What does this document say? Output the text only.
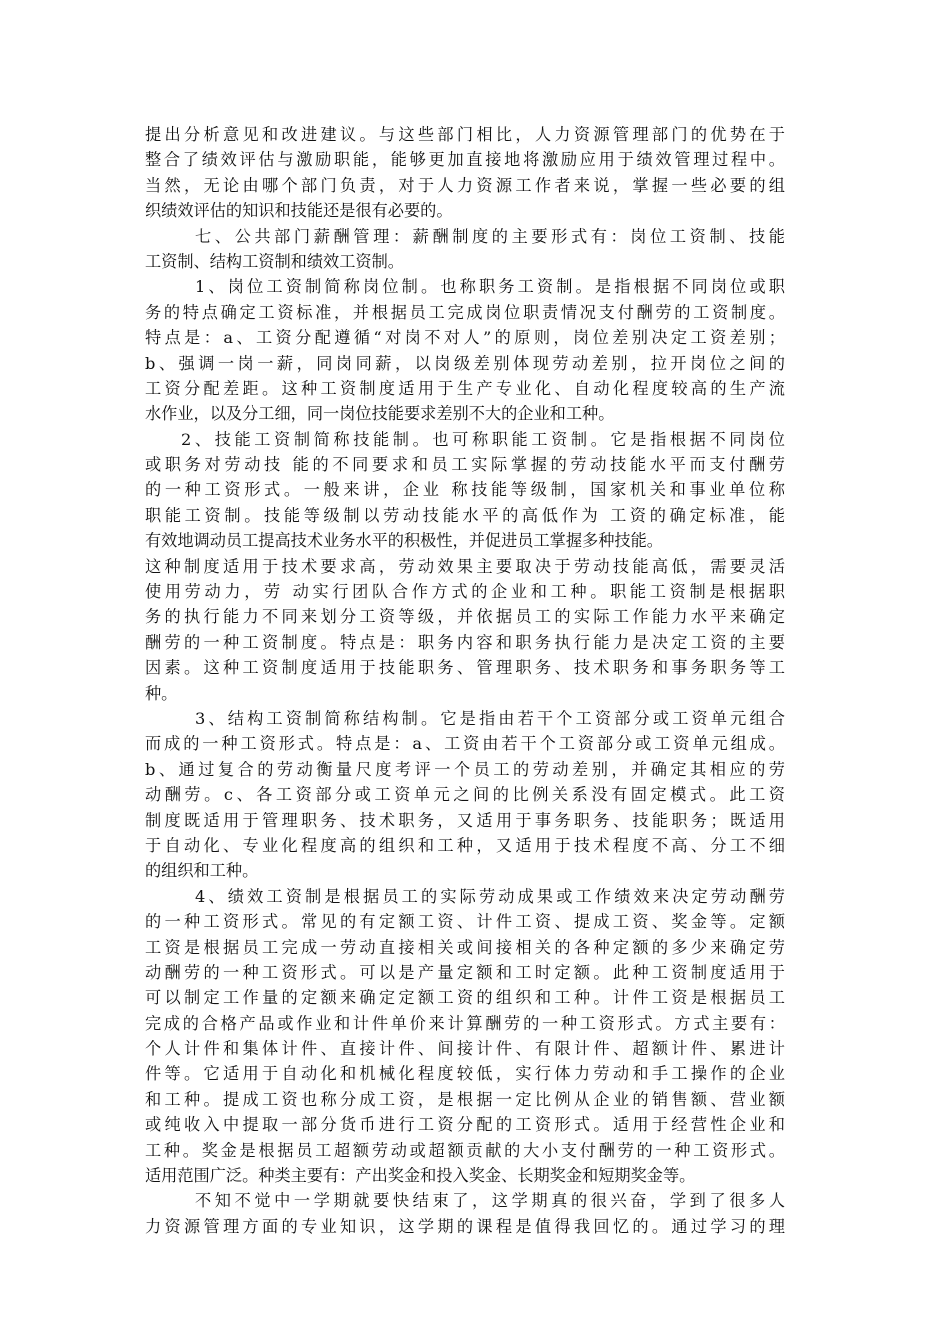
提出分析意见和改进建议。与这些部门相比，人力资源管理部门的优势在于
整合了绩效评估与激励职能，能够更加直接地将激励应用于绩效管理过程中。
当然，无论由哪个部门负责，对于人力资源工作者来说，掌握一些必要的组
织绩效评估的知识和技能还是很有必要的。
七、公共部门薪酬管理：薪酬制度的主要形式有：岗位工资制、技能
工资制、结构工资制和绩效工资制。
1、岗位工资制简称岗位制。也称职务工资制。是指根据不同岗位或职
务的特点确定工资标准，并根据员工完成岗位职责情况支付酬劳的工资制度。
特点是：a、工资分配遵循“对岗不对人”的原则，岗位差别决定工资差别；
b、强调一岗一薪，同岗同薪，以岗级差别体现劳动差别，拉开岗位之间的
工资分配差距。这种工资制度适用于生产专业化、自动化程度较高的生产流
水作业，以及分工细，同一岗位技能要求差别不大的企业和工种。
2、技能工资制简称技能制。也可称职能工资制。它是指根据不同岗位
或职务对劳动技 能的不同要求和员工实际掌握的劳动技能水平而支付酬劳
的一种工资形式。一般来讲，企业 称技能等级制，国家机关和事业单位称
职能工资制。技能等级制以劳动技能水平的高低作为 工资的确定标准，能
有效地调动员工提高技术业务水平的积极性，并促进员工掌握多种技能。
这种制度适用于技术要求高，劳动效果主要取决于劳动技能高低，需要灵活
使用劳动力，劳 动实行团队合作方式的企业和工种。职能工资制是根据职
务的执行能力不同来划分工资等级，并依据员工的实际工作能力水平来确定
酬劳的一种工资制度。特点是：职务内容和职务执行能力是决定工资的主要
因素。这种工资制度适用于技能职务、管理职务、技术职务和事务职务等工
种。
3、结构工资制简称结构制。它是指由若干个工资部分或工资单元组合
而成的一种工资形式。特点是：a、工资由若干个工资部分或工资单元组成。
b、通过复合的劳动衡量尺度考评一个员工的劳动差别，并确定其相应的劳
动酬劳。c、各工资部分或工资单元之间的比例关系没有固定模式。此工资
制度既适用于管理职务、技术职务，又适用于事务职务、技能职务；既适用
于自动化、专业化程度高的组织和工种，又适用于技术程度不高、分工不细
的组织和工种。
4、绩效工资制是根据员工的实际劳动成果或工作绩效来决定劳动酬劳
的一种工资形式。常见的有定额工资、计件工资、提成工资、奖金等。定额
工资是根据员工完成一劳动直接相关或间接相关的各种定额的多少来确定劳
动酬劳的一种工资形式。可以是产量定额和工时定额。此种工资制度适用于
可以制定工作量的定额来确定定额工资的组织和工种。计件工资是根据员工
完成的合格产品或作业和计件单价来计算酬劳的一种工资形式。方式主要有：
个人计件和集体计件、直接计件、间接计件、有限计件、超额计件、累进计
件等。它适用于自动化和机械化程度较低，实行体力劳动和手工操作的企业
和工种。提成工资也称分成工资，是根据一定比例从企业的销售额、营业额
或纯收入中提取一部分货币进行工资分配的工资形式。适用于经营性企业和
工种。奖金是根据员工超额劳动或超额贡献的大小支付酬劳的一种工资形式。
适用范围广泛。种类主要有：产出奖金和投入奖金、长期奖金和短期奖金等。
不知不觉中一学期就要快结束了，这学期真的很兴奋，学到了很多人
力资源管理方面的专业知识，这学期的课程是值得我回忆的。通过学习的理
